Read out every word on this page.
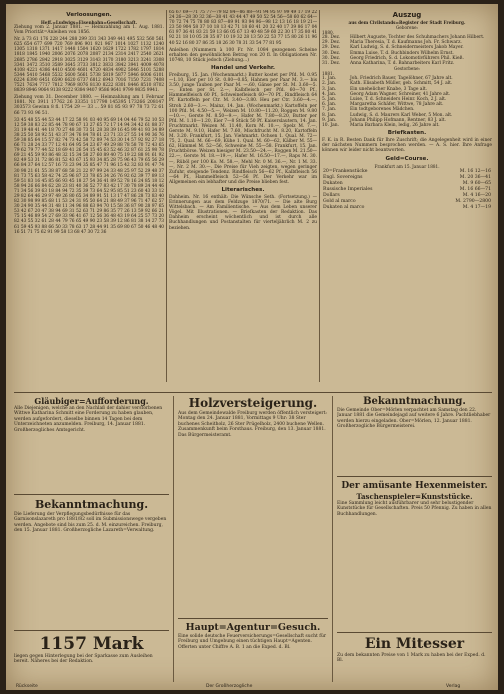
Verloosungen.
Heff.=Ludwigs=Eisenbahn=Gesellschaft.

Ziehung vom 2. Januar 1881. — Heimzahlung am 1. Aug. 1881. Vom Priorität=Anleihen von 1856.

Nr. à 73 61 176 228 244 288 299 331 343 349 441 495 532 560 561 625 654 677 699 720 769 896 901 921 967 1014 1027 1132 1240 1305 1318 1371 1417 1448 1504 1620 1629 1722 1782 1797 1814 1818 1845 1940 2006 2076 2078 2087 2134 2314 2417 2540 2621 2685 2786 2842 2918 3025 3129 3143 3170 3180 3213 3241 3308 3341 3472 3510 3589 3645 3733 3812 3833 3842 3941 4009 4078 4108 4221 4386 4410 4500 4601 4720 4834 4902 5046 5101 5288 5344 5410 5468 5532 5600 5661 5738 5819 5877 5946 6006 6101 6224 6390 6451 6590 6620 6737 6812 6943 7016 7150 7231 7408 7521 7634 7717 7812 7969 8076 8130 8222 8301 8446 8510 8702 8839 8946 9064 9138 9222 9384 9407 9586 9641 9799 9835 9941.

Ziehung vom 31. December 1880. — Heimzahlung am 1 Februar 1881. Nr. 3911 17762 26 33351 117798 145395 173266 208147 303573 Gewinn 8 fl. 1754 29 — 33 ... 59 81 85 93 97 78 73 72 61 66 73 93 96 51.

33 45 48 55 44 53 44 17 22 58 91 03 40 95 69 14 04 46 79 52 10 53 12 59 38 83 22 85 44 78 90 67 13 27 65 72 17 14 94 34 42 61 88 37 31 19 48 41 44 18 70 27 48 30 73 51 28 38 39 16 45 99 41 93 34 89 38 25 50 58 92 51 43 37 34 76 84 78 61 23 71 33 27 55 14 90 36 76 59 38 85 64 15 57 82 74 73 42 58 72 89 74 53 30 14 57 92 92 27 18 66 71 28 24 33 77 12 41 64 95 54 23 67 49 29 88 78 58 70 72 43 65 79 62 79 77 44 52 18 69 41 26 54 15 45 63 52 46 32 87 61 25 98 78 69 21 45 59 93 86 48 32 15 34 58 27 60 89 40 75 19 22 88 91 61 92 82 49 53 31 72 86 81 52 43 67 15 93 34 85 28 75 96 43 79 65 56 29 66 84 37 64 12 57 16 73 23 94 35 85 47 71 96 15 42 32 83 91 47 74 30 98 21 61 55 38 87 68 58 21 22 97 99 24 33 48 25 97 52 29 48 37 81 73 75 63 58 42 74 25 96 87 23 78 65 34 26 76 92 62 39 77 89 13 59 51 83 16 45 85 66 93 45 18 27 54 36 41 89 52 78 16 24 85 18 12 58 94 26 66 84 62 28 23 81 40 36 52 77 83 42 17 30 78 89 24 44 46 71 34 56 39 63 18 84 94 72 35 39 73 64 52 95 85 51 23 60 43 33 12 29 82 64 46 29 97 49 26 80 65 34 89 91 51 13 17 47 86 28 73 83 40 82 30 98 99 85 68 11 53 24 31 95 50 64 21 88 49 37 96 71 47 62 57 30 24 90 35 44 31 48 11 34 96 88 63 94 70 15 58 36 87 90 28 97 65 53 42 67 20 47 38 94 69 31 52 63 71 29 86 35 77 26 13 59 92 66 21 75 15 46 89 54 27 69 33 96 41 67 12 56 36 48 43 19 64 25 57 73 20 82 43 55 32 61 28 44 79 76 65 49 90 23 58 39 12 86 81 38 14 27 73 61 59 45 93 88 66 50 33 78 63 17 28 44 91 35 69 80 67 50 46 48 40 16 51 71 75 62 91 99 58 13 68 47 30 72 36

65 67 69—71 75 77—79 82 84—86 88—91 94 95 97 99 49 17 19 22 24 26—28 30 32 36—38 41 43 44 47 49 50 52 54 56—58 60 62 64—70 72 74 75 78 80 83 87—89 91 93 94 96—98 12 13 16 18 19 21—23 50 904 58 37 10 18 13 42 71 18 60 41 20 32 40 17 39 86 17 04 61 97 36 41 83 21 59 13 66 05 67 13 40 48 59 60 22 30 17 35 80 41 92 21 18 10 05 28 35 87 10 19 32 28 13 50 22 53 77 15 80 26 11 96 40 52 16 80 37 86 35 18 26 30 78 31 33 54 77 81 95

Anleihen (Nummern à 100 Fr. Nr. 1084 gezogenen Scheine erhalten den gewöhnlichen Betrag von 20 fl. In Obligationen Nr. 10748, 10 Stück jedoch (Ziehung...)

Handel und Verkehr.

Freiburg, 15. Jan. (Wochenmarkt.) Butter kostet per Pfd. M. 0.95—1.10, Eier per 10 St. 0.80—0.85, Hahnen per Paar M. 3.— bis 3.50, junge Tauben per Paar M. —.60, Gänse per St. M. 3.60—5.—, Enten per St. 2.—, Kalbfleisch per Pfd. 60—70 Pf., Hammelfleisch 60 Pf., Schweinefleisch 60—70 Pf., Rindfleisch 64 Pf. Kartoffeln per Ctr. M. 3.40—3.80. Heu per Ctr. 3.60—4.—, Stroh 2.60—3.—. Mainz, 14. Jan. (Wochenmarkt.) Kartoffeln per 100 Pfd. M. 4.50—5.—, Weizen M. 10.80—11.20, Roggen M. 9.80—10.—, Gerste M. 8.50—9.—, Hafer M. 7.80—8.20, Butter per Pfd. M. 1.10—1.20, Eier 7—8 Stück 50 Pf. Kaiserslautern, 14. Jan. Fruchtmarkt. Weizen M. 11.40, Korn M. 10.—, Spelz M. 7.—, Gerste M. 9.10, Hafer M. 7.60, Mischfrucht M. 8.20, Kartoffeln M. 3.20. Frankfurt, 15. Jan. Viehmarkt. Ochsen 1. Qual. M. 72—75, 2. Qual. M. 66—69, Kühe 1. Qual. M. 60—62, Kälber M. 55—62, Hämmel M. 52—56, Schweine M. 55—58. Frankfurt, 15. Jan. Fruchtbörse. Weizen hiesiger M. 23.50—24.—, Roggen M. 21.50—22.—, Gerste M. 18.—19.—, Hafer M. 16.50—17.—, Raps M. 30.—, Rüböl per 100 Ko. M. 58.—, Mehl Nr. 0 M. 36.—, Nr. 1 M. 33.—, Nr. 2 M. 30.—. Die Preise für Vieh zeigten, wegen geringer Zufuhr, steigende Tendenz. Rindfleisch 56—62 Pf., Kalbfleisch 56—64 Pf., Hammelfleisch 52—56 Pf. Der Verkehr war im Allgemeinen ein lebhafter und die Preise blieben fest.

Literarisches.

Dahheim. Nr. 16 enthält: Die Wünsche Seth. (Fortsetzung.) — Erinnerungen aus dem Feldzuge 1870/71. — Die alte Burg Wittelsbach. — Am Familientische. — Aus dem Leben unserer Vögel. Mit Illustrationen. — Briefkasten der Redaktion. Das Dahheim erscheint wöchentlich und ist durch alle Buchhandlungen und Postanstalten für vierteljährlich M. 2 zu beziehen.

Auszug
aus dem Civilstands=Register der Stadt Freiburg.
Geborene:
1880.
28. Dez.	Hilbert Auguste, Tochter des Schuhmachers Johann Hilbert.
29. Dez.	Maria Theresia, T. d. Kaufmanns Joh. Fr. Schwarz.
29. Dez.	Karl Ludwig, S. d. Schneidermeisters Jakob Mayer.
30. Dez.	Emma Luise, T. d. Buchbinders Wilhelm Ernst.
30. Dez.	Georg Friedrich, S. d. Lokomotivführers Phil. Kieß.
31. Dez.	Anna Katharina, T. d. Bahnarbeiters Karl Fritz.
Gestorbene:
1881.
1. Jan.	Joh. Friedrich Bauer, Tagelöhner, 67 Jahre alt.
2. Jan.	Kath. Elisabeth Müller, geb. Schmitt, 54 J. alt.
3. Jan.	Ein unehelicher Knabe, 3 Tage alt.
4. Jan.	Georg Adam Wagner, Schreiner, 41 Jahre alt.
5. Jan.	Luise, T. d. Schneiders Heinr. Koch, 2 J. alt.
6. Jan.	Margaretha Schäfer, Wittwe, 78 Jahre alt.
7. Jan.	Ein todtgeborenes Mädchen.
8. Jan.	Ludwig, S. d. Maurers Karl Weber, 5 Mon. alt.
9. Jan.	Johann Philipp Hofmann, Rentner, 83 J. alt.
10. Jan.	Maria Barbara Klein, ledig, 26 Jahre alt.
Briefkasten.

F. K. in R. Besten Dank für Ihre Zuschrift; die Angelegenheit wird in einer der nächsten Nummern besprochen werden. — A. S. hier. Ihre Anfrage können wir leider nicht beantworten.

Geld=Course.
Frankfurt am 15. Januar 1881.
20=Frankenstücke	M. 16 12—16
Engl. Sovereigns	M. 20 36—41
Dukaten	M. 9 60—65
Russische Imperiales	M. 16 66—71
Dollars	M. 4 16—20
Gold al marco	M. 2790—2800
Dukaten al marco	M. 4 17—19
Gläubiger=Aufforderung.
Alle Diejenigen, welche an den Nachlaß der dahier verstorbenen Wittwe Katharina Schmitt eine Forderung zu haben glauben, werden aufgefordert, dieselbe binnen 14 Tagen bei dem Unterzeichneten anzumelden. Freiburg, 14. Januar 1881. Großherzogliches Amtsgericht.
Bekanntmachung.
Die Lieferung der Verpflegungsbedürfnisse für das Garnisonslazareth pro 1881/82 soll im Submissionswege vergeben werden. Angebote sind bis zum 25. d. M. einzureichen. Freiburg, den 15. Januar 1881. Großherzogliche Lazareth=Verwaltung.
1157 Mark
liegen gegen Hinterlegung bei der Sparkasse zum Ausleihen bereit. Näheres bei der Redaktion.
Holzversteigerung.
Aus dem Gemeindewalde Freiburg werden öffentlich versteigert: Montag den 24. Januar 1881, Vormittags 9 Uhr: 38 Ster buchenes Scheitholz, 26 Ster Prügelholz, 2400 buchene Wellen. Zusammenkunft beim Forsthaus. Freiburg, den 13. Januar 1881. Das Bürgermeisteramt.
Haupt=Agentur=Gesuch.
Eine solide deutsche Feuerversicherungs=Gesellschaft sucht für Freiburg und Umgebung einen tüchtigen Haupt=Agenten. Offerten unter Chiffre A. B. 1 an die Exped. d. Bl.
Bekanntmachung.
Die Gemeinde Ober=Mörlen verpachtet am Samstag den 22. Januar 1881 die Gemeindejagd auf weitere 6 Jahre. Pachtliebhaber werden hierzu eingeladen. Ober=Mörlen, 12. Januar 1881. Großherzogliche Bürgermeisterei.
Der amüsante Hexenmeister.
Taschenspieler=Kunststücke.
Eine Sammlung leicht ausführbarer und sehr belustigender Kunststücke für Gesellschaften. Preis 50 Pfennig. Zu haben in allen Buchhandlungen.
Ein Mitesser
Zu dem bekannten Preise von 1 Mark zu haben bei der Exped. d. Bl.
Rückseite	Der Großherzogliche	Verlag
